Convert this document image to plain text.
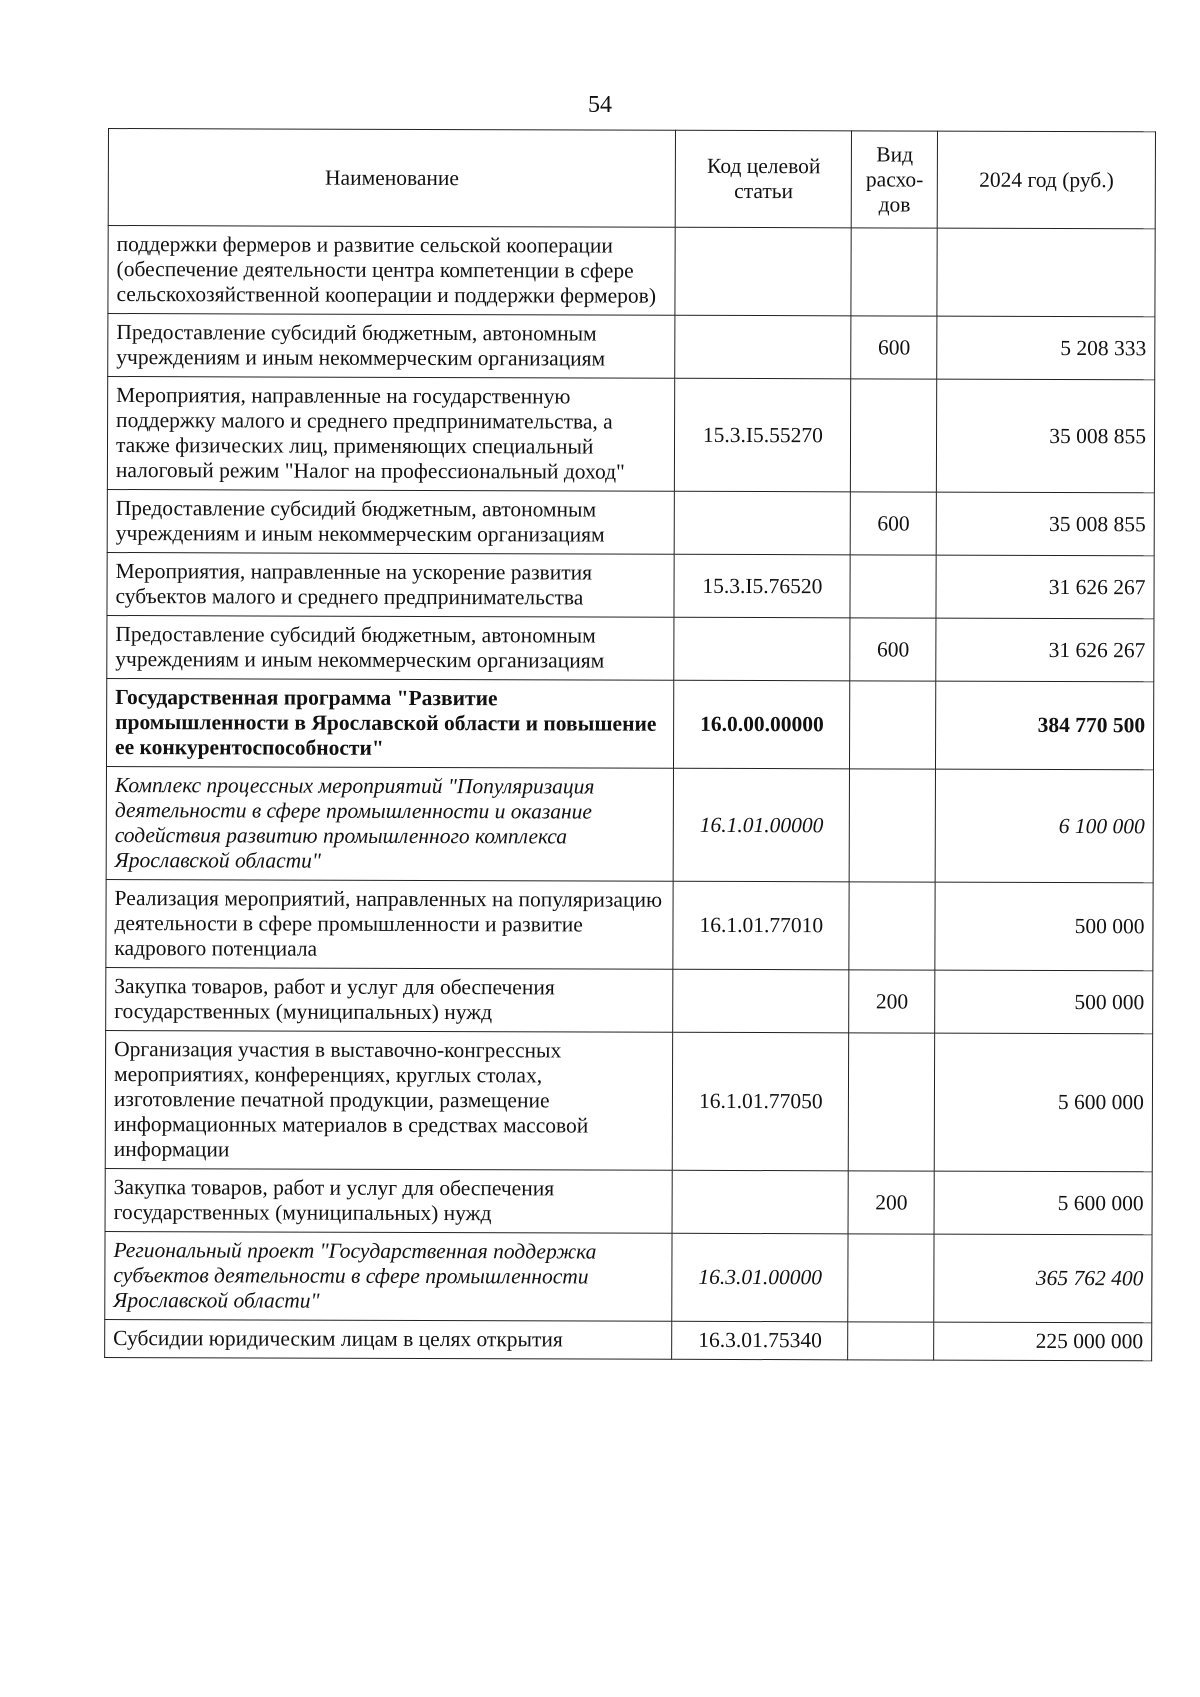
54
Наименование	Код целевой статьи	Вид расхо-дов	2024 год (руб.)
поддержки фермеров и развитие сельской кооперации (обеспечение деятельности центра компетенции в сфере сельскохозяйственной кооперации и поддержки фермеров)			
Предоставление субсидий бюджетным, автономным учреждениям и иным некоммерческим организациям		600	5 208 333
Мероприятия, направленные на государственную поддержку малого и среднего предпринимательства, а также физических лиц, применяющих специальный налоговый режим "Налог на профессиональный доход"	15.3.I5.55270		35 008 855
Предоставление субсидий бюджетным, автономным учреждениям и иным некоммерческим организациям		600	35 008 855
Мероприятия, направленные на ускорение развития субъектов малого и среднего предпринимательства	15.3.I5.76520		31 626 267
Предоставление субсидий бюджетным, автономным учреждениям и иным некоммерческим организациям		600	31 626 267
Государственная программа "Развитие промышленности в Ярославской области и повышение ее конкурентоспособности"	16.0.00.00000		384 770 500
Комплекс процессных мероприятий "Популяризация деятельности в сфере промышленности и оказание содействия развитию промышленного комплекса Ярославской области"	16.1.01.00000		6 100 000
Реализация мероприятий, направленных на популяризацию деятельности в сфере промышленности и развитие кадрового потенциала	16.1.01.77010		500 000
Закупка товаров, работ и услуг для обеспечения государственных (муниципальных) нужд		200	500 000
Организация участия в выставочно-конгрессных мероприятиях, конференциях, круглых столах, изготовление печатной продукции, размещение информационных материалов в средствах массовой информации	16.1.01.77050		5 600 000
Закупка товаров, работ и услуг для обеспечения государственных (муниципальных) нужд		200	5 600 000
Региональный проект "Государственная поддержка субъектов деятельности в сфере промышленности Ярославской области"	16.3.01.00000		365 762 400
Субсидии юридическим лицам в целях открытия	16.3.01.75340		225 000 000
